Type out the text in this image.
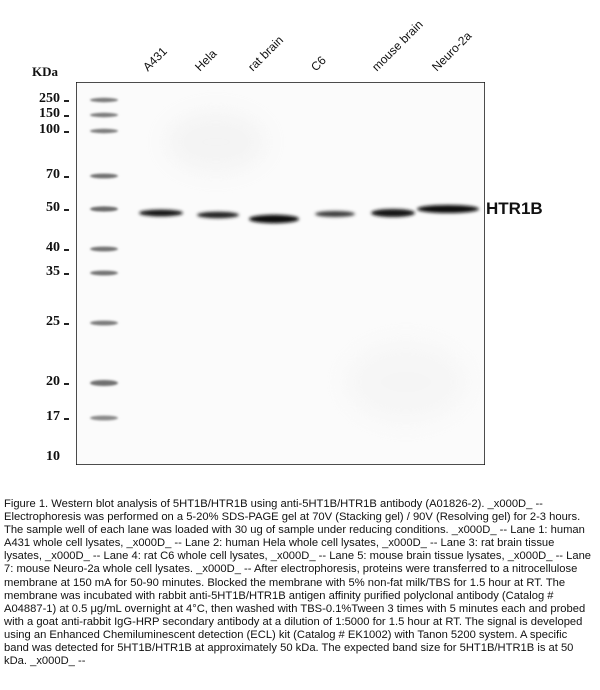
KDa
250
150
100
70
50
40
35
25
20
17
10
A431 Hela rat brain C6	mouse brain Neuro-2a
HTR1B
Figure 1. Western blot analysis of 5HT1B/HTR1B using anti-5HT1B/HTR1B antibody (A01826-2). _x000D_ -- Electrophoresis was performed on a 5-20% SDS-PAGE gel at 70V (Stacking gel) / 90V (Resolving gel) for 2-3 hours. The sample well of each lane was loaded with 30 ug of sample under reducing conditions. _x000D_ -- Lane 1: human A431 whole cell lysates, _x000D_ -- Lane 2: human Hela whole cell lysates, _x000D_ -- Lane 3: rat brain tissue lysates, _x000D_ -- Lane 4: rat C6 whole cell lysates, _x000D_ -- Lane 5: mouse brain tissue lysates, _x000D_ -- Lane 7: mouse Neuro-2a whole cell lysates. _x000D_ -- After electrophoresis, proteins were transferred to a nitrocellulose membrane at 150 mA for 50-90 minutes. Blocked the membrane with 5% non-fat milk/TBS for 1.5 hour at RT. The membrane was incubated with rabbit anti-5HT1B/HTR1B antigen affinity purified polyclonal antibody (Catalog # A04887-1) at 0.5 μg/mL overnight at 4°C, then washed with TBS-0.1%Tween 3 times with 5 minutes each and probed with a goat anti-rabbit IgG-HRP secondary antibody at a dilution of 1:5000 for 1.5 hour at RT. The signal is developed using an Enhanced Chemiluminescent detection (ECL) kit (Catalog # EK1002) with Tanon 5200 system. A specific band was detected for 5HT1B/HTR1B at approximately 50 kDa. The expected band size for 5HT1B/HTR1B is at 50 kDa. _x000D_ --
